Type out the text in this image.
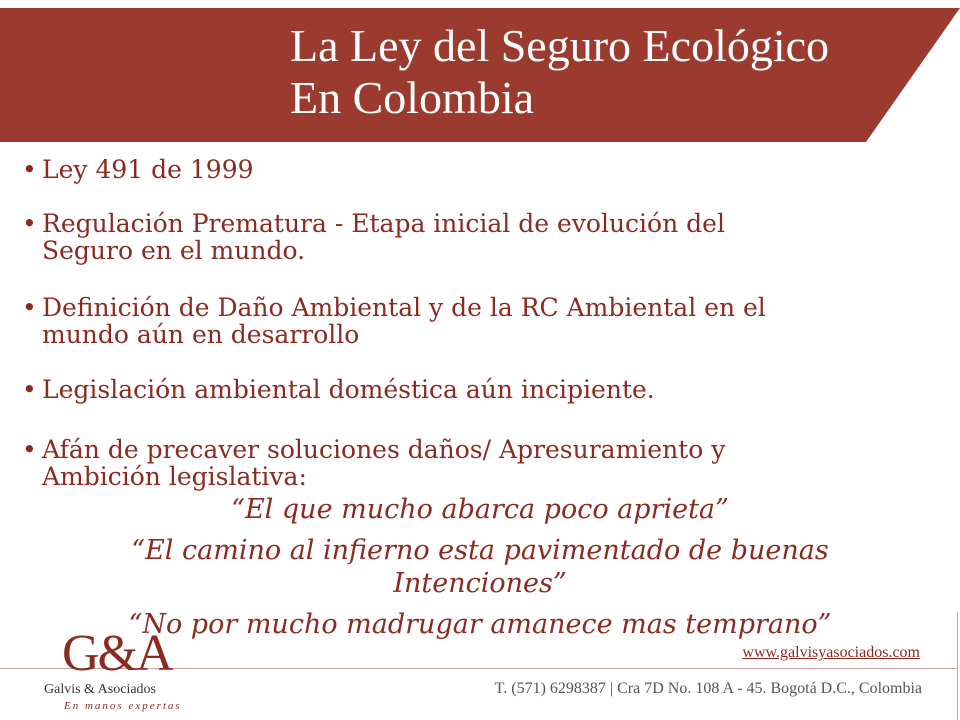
La Ley del Seguro Ecológico
En Colombia

• Ley 491 de 1999

• Regulación Prematura - Etapa inicial de evolución del
Seguro en el mundo.

• Definición de Daño Ambiental y de la RC Ambiental en el
mundo aún en desarrollo

• Legislación ambiental doméstica aún incipiente.

• Afán de precaver soluciones daños/ Apresuramiento y
Ambición legislativa:

“El que mucho abarca poco aprieta”

“El camino al infierno esta pavimentado de buenas

Intenciones”

“No por mucho madrugar amanece mas temprano”

G&A
Galvis & Asociados
En manos expertas
www.galvisyasociados.com
T. (571) 6298387 | Cra 7D No. 108 A - 45. Bogotá D.C., Colombia
